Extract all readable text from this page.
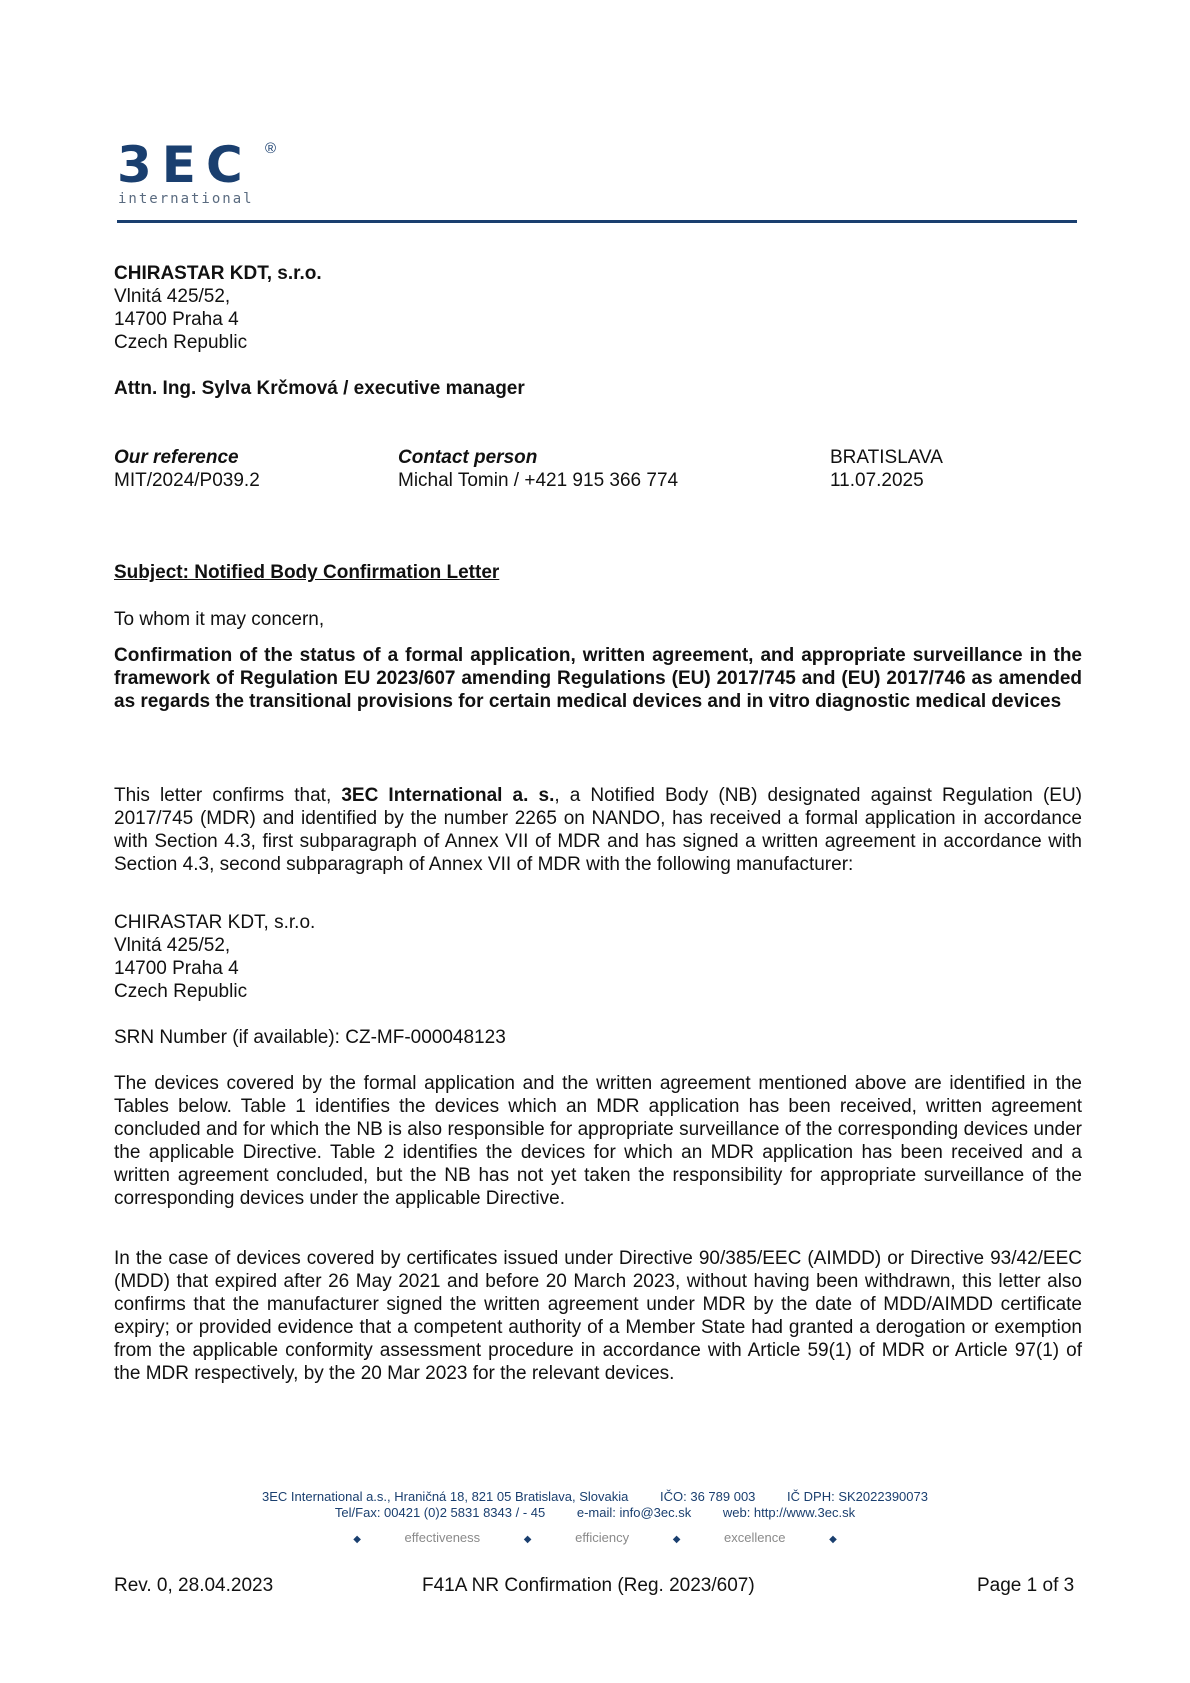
3EC ®
international
CHIRASTAR KDT, s.r.o.
Vlnitá 425/52,
14700 Praha 4
Czech Republic
Attn. Ing. Sylva Krčmová / executive manager
Our reference
MIT/2024/P039.2
Contact person
Michal Tomin / +421 915 366 774
BRATISLAVA
11.07.2025
Subject: Notified Body Confirmation Letter
To whom it may concern,
Confirmation of the status of a formal application, written agreement, and appropriate surveillance in the framework of Regulation EU 2023/607 amending Regulations (EU) 2017/745 and (EU) 2017/746 as amended as regards the transitional provisions for certain medical devices and in vitro diagnostic medical devices
This letter confirms that, 3EC International a. s., a Notified Body (NB) designated against Regulation (EU) 2017/745 (MDR) and identified by the number 2265 on NANDO, has received a formal application in accordance with Section 4.3, first subparagraph of Annex VII of MDR and has signed a written agreement in accordance with Section 4.3, second subparagraph of Annex VII of MDR with the following manufacturer:
CHIRASTAR KDT, s.r.o.
Vlnitá 425/52,
14700 Praha 4
Czech Republic
SRN Number (if available): CZ-MF-000048123
The devices covered by the formal application and the written agreement mentioned above are identified in the Tables below. Table 1 identifies the devices which an MDR application has been received, written agreement concluded and for which the NB is also responsible for appropriate surveillance of the corresponding devices under the applicable Directive. Table 2 identifies the devices for which an MDR application has been received and a written agreement concluded, but the NB has not yet taken the responsibility for appropriate surveillance of the corresponding devices under the applicable Directive.
In the case of devices covered by certificates issued under Directive 90/385/EEC (AIMDD) or Directive 93/42/EEC (MDD) that expired after 26 May 2021 and before 20 March 2023, without having been withdrawn, this letter also confirms that the manufacturer signed the written agreement under MDR by the date of MDD/AIMDD certificate expiry; or provided evidence that a competent authority of a Member State had granted a derogation or exemption from the applicable conformity assessment procedure in accordance with Article 59(1) of MDR or Article 97(1) of the MDR respectively, by the 20 Mar 2023 for the relevant devices.
3EC International a.s., Hraničná 18, 821 05 Bratislava, Slovakia IČO: 36 789 003 IČ DPH: SK2022390073
Tel/Fax: 00421 (0)2 5831 8343 / - 45 e-mail: info@3ec.sk web: http://www.3ec.sk
◆	effectiveness	◆	efficiency	◆	excellence	◆
Rev. 0, 28.04.2023	F41A NR Confirmation (Reg. 2023/607)	Page 1 of 3
